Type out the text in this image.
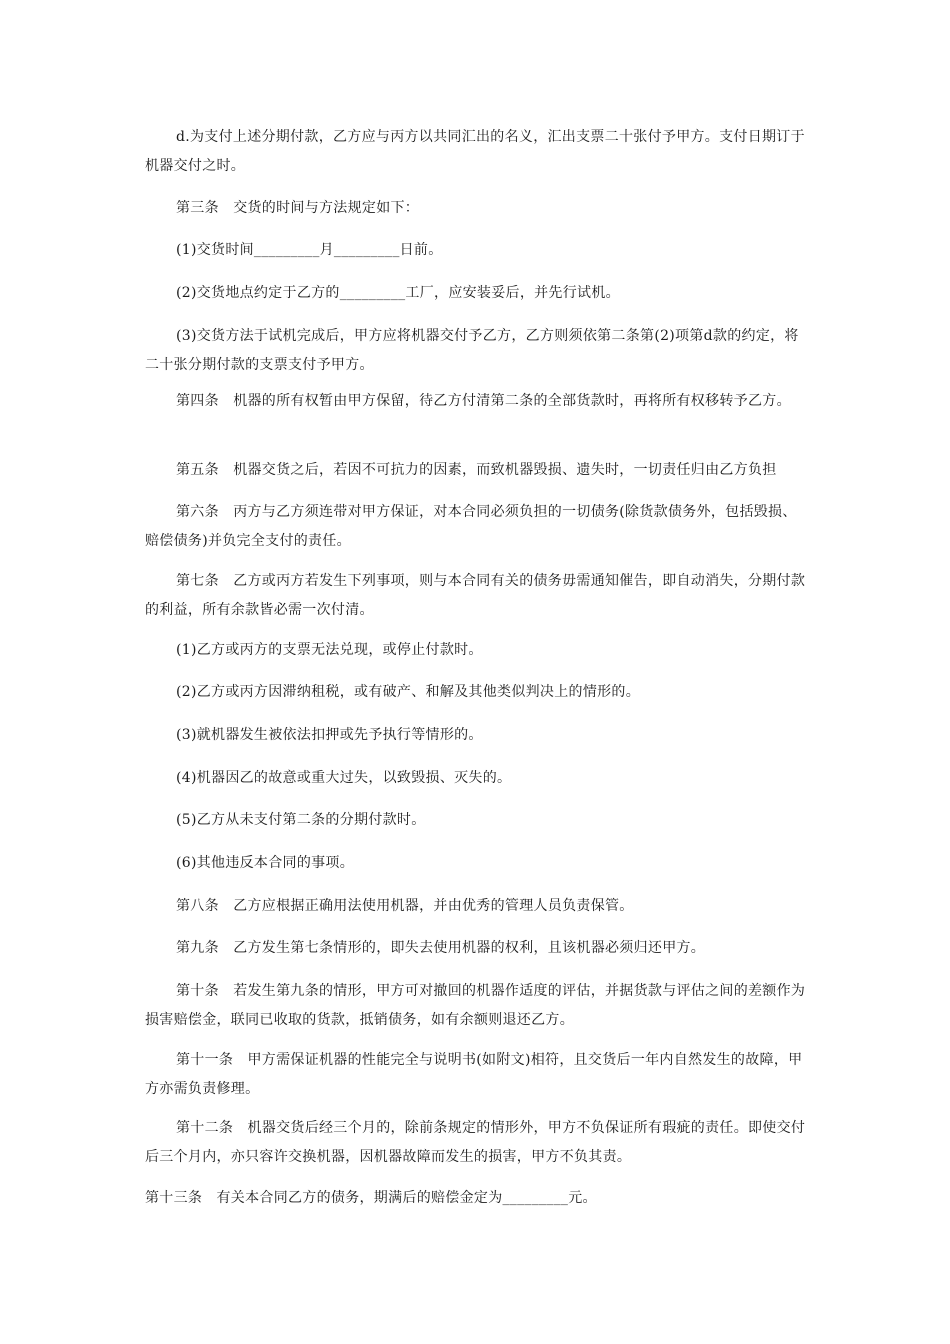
d.为支付上述分期付款，乙方应与丙方以共同汇出的名义，汇出支票二十张付予甲方。支付日期订于机器交付之时。

第三条　交货的时间与方法规定如下：

(1)交货时间_________月_________日前。

(2)交货地点约定于乙方的_________工厂，应安装妥后，并先行试机。

(3)交货方法于试机完成后，甲方应将机器交付予乙方，乙方则须依第二条第(2)项第d款的约定，将二十张分期付款的支票支付予甲方。

第四条　机器的所有权暂由甲方保留，待乙方付清第二条的全部货款时，再将所有权移转予乙方。

第五条　机器交货之后，若因不可抗力的因素，而致机器毁损、遗失时，一切责任归由乙方负担

第六条　丙方与乙方须连带对甲方保证，对本合同必须负担的一切债务(除货款债务外，包括毁损、赔偿债务)并负完全支付的责任。

第七条　乙方或丙方若发生下列事项，则与本合同有关的债务毋需通知催告，即自动消失，分期付款的利益，所有余款皆必需一次付清。

(1)乙方或丙方的支票无法兑现，或停止付款时。

(2)乙方或丙方因滞纳租税，或有破产、和解及其他类似判决上的情形的。

(3)就机器发生被依法扣押或先予执行等情形的。

(4)机器因乙的故意或重大过失，以致毁损、灭失的。

(5)乙方从未支付第二条的分期付款时。

(6)其他违反本合同的事项。

第八条　乙方应根据正确用法使用机器，并由优秀的管理人员负责保管。

第九条　乙方发生第七条情形的，即失去使用机器的权利，且该机器必须归还甲方。

第十条　若发生第九条的情形，甲方可对撤回的机器作适度的评估，并据货款与评估之间的差额作为损害赔偿金，联同已收取的货款，抵销债务，如有余额则退还乙方。

第十一条　甲方需保证机器的性能完全与说明书(如附文)相符，且交货后一年内自然发生的故障，甲方亦需负责修理。

第十二条　机器交货后经三个月的，除前条规定的情形外，甲方不负保证所有瑕疵的责任。即使交付后三个月内，亦只容许交换机器，因机器故障而发生的损害，甲方不负其责。

第十三条　有关本合同乙方的债务，期满后的赔偿金定为_________元。
